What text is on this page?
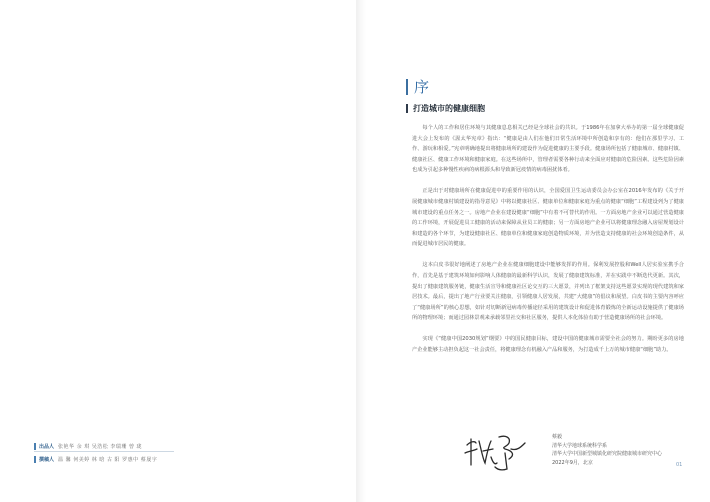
出品人 张艳华 余 琪 吴浩松 李瑞珊 曾 珑
撰稿人 温 馨 何美婷 林 晗 古 阳 罗惠中 蔡晟宇
序
打造城市的健康细胞

每个人的工作和居住环境与其健康息息相关已经是全球社会的共识。于1986年在加拿大举办的第一届全球健康促进大会上发布的《渥太华宪章》指出：“健康是由人们在他们日常生活环境中所创造和享有的：他们在那里学习、工作、游玩和相爱。”宪章明确地提出将健康场所的建设作为促进健康的主要手段。健康场所包括了健康城市、健康村镇、健康社区、健康工作环境和健康家庭。在这些场所中，管理者需要各种行动来全面应对健康的危险因素。这些危险因素也成为引起多种慢性疾病的病根源头和导致新冠疫情的病毒困扰体肴。

正是出于对健康场所在健康促进中的重要作用的认识，全国爱国卫生运动委员会办公室在2016年发布的《关于开展健康城市健康村镇建设的指导意见》中将以健康社区、健康单位和健康家庭为重点的健康“细胞”工程建设列为了健康城市建设的重点任务之一。房地产企业在建设健康“细胞”中有着不可替代的作用。一方面房地产企业可以通过营造健康的工作环境，开展促进员工健康的活动来保障从业员工的健康；另一方面房地产企业可以将健康理念融入房屋规划设计和建造的各个环节，为建设健康社区、健康单位和健康家庭创造物质环境，并为营造支持健康的社会环境创造条件，从而促进城市居民的健康。

这本白皮书很好地阐述了房地产企业在健康细胞建设中能够发挥的作用。保利发展控股和Well人居实验室携手合作，首先是基于建筑环境如何影响人体健康的最新科学认识，发展了健康建筑标准，并在实践中不断迭代更新。其次，提出了健康建筑服务链，健康生活宣导和健康社区论交互的三大愿景，并列出了框架支持这些愿景实现的现代建筑和家居技术。最后，提出了地产行业要关注健康，引领健康人居发展，共建“大健康”的倡议和展望。白皮书的主要内容呼应了“健康场所”的核心思想，如针对切断新冠病毒传播途径采用的建筑设计和促进体育锻炼的全新运动设施提供了健康场所的物理环境；而通过园林景观来承载邻里社交和社区服务，提供人本化体验有助于营造健康场所的社会环境。

实现《“健康中国2030规划”纲要》中的国民健康目标，建设中国的健康城市需要全社会的努力。期盼更多的房地产企业能够主动担负起这一社会责任，将健康理念有机融入产品和服务，为打造成千上万的城市健康“细胞”助力。

蔡毅
清华大学地球系统科学系
清华大学中国新型城镇化研究院健康城市研究中心
2022年9月，北京	01
